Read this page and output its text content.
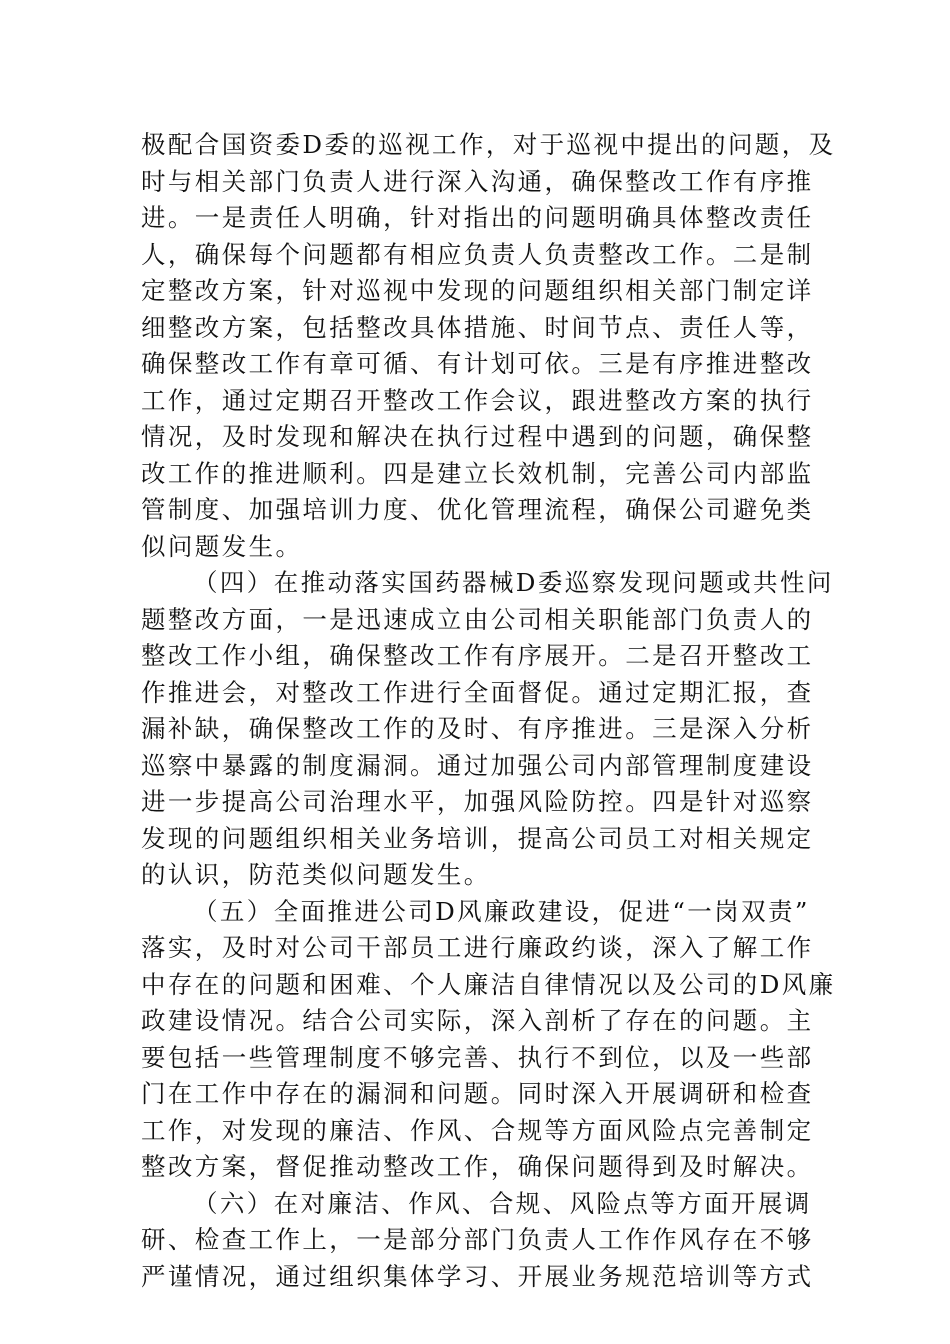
极配合国资委D委的巡视工作，对于巡视中提出的问题，及
时与相关部门负责人进行深入沟通，确保整改工作有序推
进。一是责任人明确，针对指出的问题明确具体整改责任
人，确保每个问题都有相应负责人负责整改工作。二是制
定整改方案，针对巡视中发现的问题组织相关部门制定详
细整改方案，包括整改具体措施、时间节点、责任人等，
确保整改工作有章可循、有计划可依。三是有序推进整改
工作，通过定期召开整改工作会议，跟进整改方案的执行
情况，及时发现和解决在执行过程中遇到的问题，确保整
改工作的推进顺利。四是建立长效机制，完善公司内部监
管制度、加强培训力度、优化管理流程，确保公司避免类
似问题发生。
（四）在推动落实国药器械D委巡察发现问题或共性问
题整改方面，一是迅速成立由公司相关职能部门负责人的
整改工作小组，确保整改工作有序展开。二是召开整改工
作推进会，对整改工作进行全面督促。通过定期汇报，查
漏补缺，确保整改工作的及时、有序推进。三是深入分析
巡察中暴露的制度漏洞。通过加强公司内部管理制度建设
进一步提高公司治理水平，加强风险防控。四是针对巡察
发现的问题组织相关业务培训，提高公司员工对相关规定
的认识，防范类似问题发生。
（五）全面推进公司D风廉政建设，促进“一岗双责”
落实，及时对公司干部员工进行廉政约谈，深入了解工作
中存在的问题和困难、个人廉洁自律情况以及公司的D风廉
政建设情况。结合公司实际，深入剖析了存在的问题。主
要包括一些管理制度不够完善、执行不到位，以及一些部
门在工作中存在的漏洞和问题。同时深入开展调研和检查
工作，对发现的廉洁、作风、合规等方面风险点完善制定
整改方案，督促推动整改工作，确保问题得到及时解决。
（六）在对廉洁、作风、合规、风险点等方面开展调
研、检查工作上，一是部分部门负责人工作作风存在不够
严谨情况，通过组织集体学习、开展业务规范培训等方式
